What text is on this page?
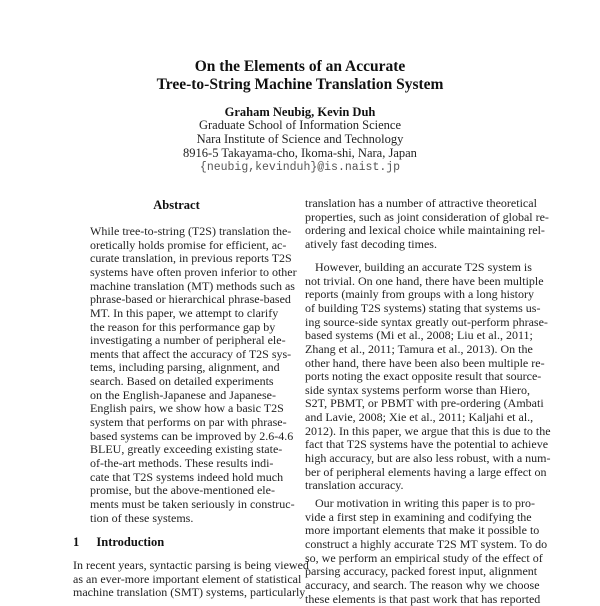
On the Elements of an Accurate
Tree-to-String Machine Translation System
Graham Neubig, Kevin Duh
Graduate School of Information Science
Nara Institute of Science and Technology
8916-5 Takayama-cho, Ikoma-shi, Nara, Japan
{neubig,kevinduh}@is.naist.jp
Abstract
While tree-to-string (T2S) translation the-
oretically holds promise for efficient, ac-
curate translation, in previous reports T2S
systems have often proven inferior to other
machine translation (MT) methods such as
phrase-based or hierarchical phrase-based
MT. In this paper, we attempt to clarify
the reason for this performance gap by
investigating a number of peripheral ele-
ments that affect the accuracy of T2S sys-
tems, including parsing, alignment, and
search. Based on detailed experiments
on the English-Japanese and Japanese-
English pairs, we show how a basic T2S
system that performs on par with phrase-
based systems can be improved by 2.6-4.6
BLEU, greatly exceeding existing state-
of-the-art methods. These results indi-
cate that T2S systems indeed hold much
promise, but the above-mentioned ele-
ments must be taken seriously in construc-
tion of these systems.
1 Introduction
In recent years, syntactic parsing is being viewed
as an ever-more important element of statistical
machine translation (SMT) systems, particularly
translation has a number of attractive theoretical
properties, such as joint consideration of global re-
ordering and lexical choice while maintaining rel-
atively fast decoding times.
However, building an accurate T2S system is
not trivial. On one hand, there have been multiple
reports (mainly from groups with a long history
of building T2S systems) stating that systems us-
ing source-side syntax greatly out-perform phrase-
based systems (Mi et al., 2008; Liu et al., 2011;
Zhang et al., 2011; Tamura et al., 2013). On the
other hand, there have been also been multiple re-
ports noting the exact opposite result that source-
side syntax systems perform worse than Hiero,
S2T, PBMT, or PBMT with pre-ordering (Ambati
and Lavie, 2008; Xie et al., 2011; Kaljahi et al.,
2012). In this paper, we argue that this is due to the
fact that T2S systems have the potential to achieve
high accuracy, but are also less robust, with a num-
ber of peripheral elements having a large effect on
translation accuracy.
Our motivation in writing this paper is to pro-
vide a first step in examining and codifying the
more important elements that make it possible to
construct a highly accurate T2S MT system. To do
so, we perform an empirical study of the effect of
parsing accuracy, packed forest input, alignment
accuracy, and search. The reason why we choose
these elements is that past work that has reported
